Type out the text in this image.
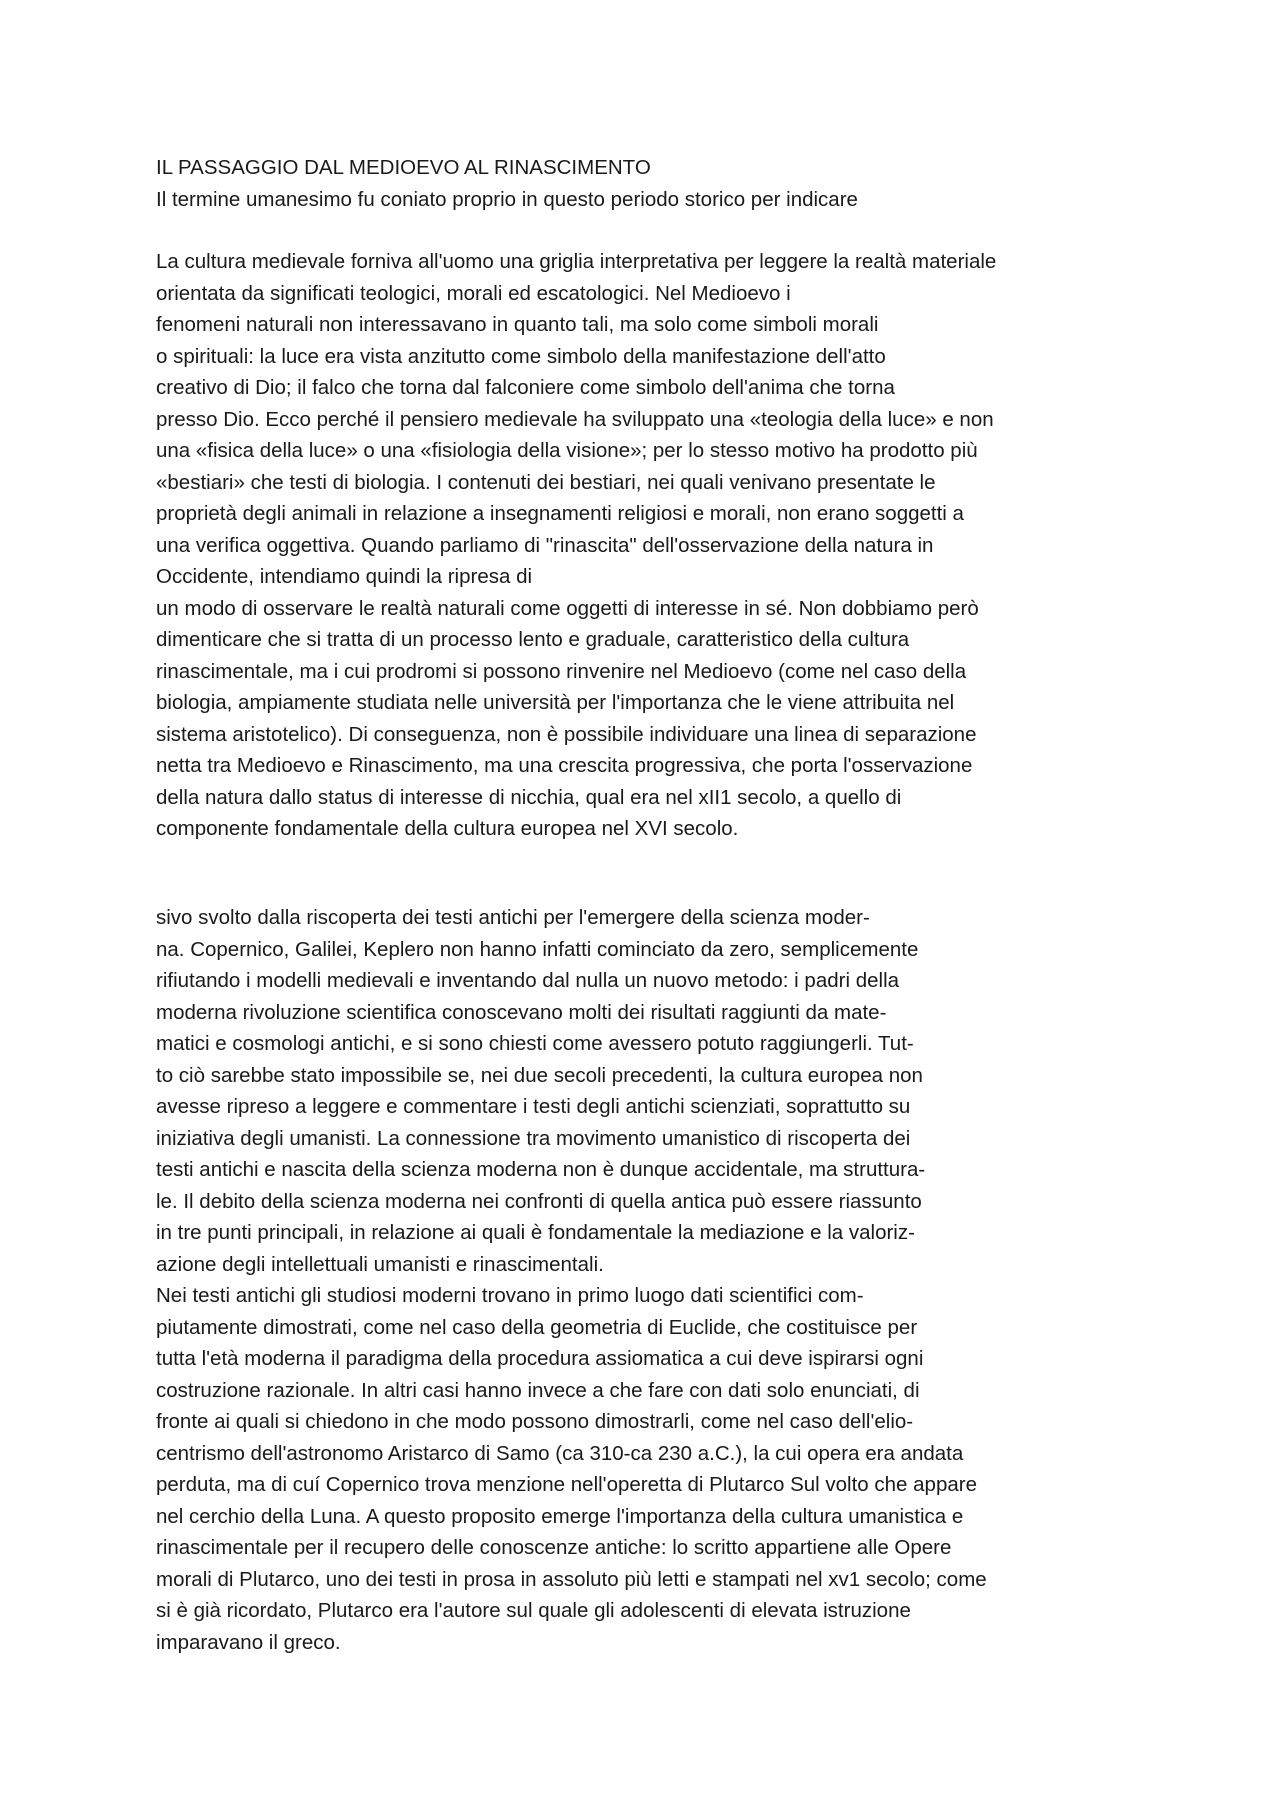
IL PASSAGGIO DAL MEDIOEVO AL RINASCIMENTO
Il termine umanesimo fu coniato proprio in questo periodo storico per indicare
La cultura medievale forniva all'uomo una griglia interpretativa per leggere la realtà materiale
orientata da significati teologici, morali ed escatologici. Nel Medioevo i
fenomeni naturali non interessavano in quanto tali, ma solo come simboli morali
o spirituali: la luce era vista anzitutto come simbolo della manifestazione dell'atto
creativo di Dio; il falco che torna dal falconiere come simbolo dell'anima che torna
presso Dio. Ecco perché il pensiero medievale ha sviluppato una «teologia della luce» e non
una «fisica della luce» o una «fisiologia della visione»; per lo stesso motivo ha prodotto più
«bestiari» che testi di biologia. I contenuti dei bestiari, nei quali venivano presentate le
proprietà degli animali in relazione a insegnamenti religiosi e morali, non erano soggetti a
una verifica oggettiva. Quando parliamo di "rinascita" dell'osservazione della natura in
Occidente, intendiamo quindi la ripresa di
un modo di osservare le realtà naturali come oggetti di interesse in sé. Non dobbiamo però
dimenticare che si tratta di un processo lento e graduale, caratteristico della cultura
rinascimentale, ma i cui prodromi si possono rinvenire nel Medioevo (come nel caso della
biologia, ampiamente studiata nelle università per l'importanza che le viene attribuita nel
sistema aristotelico). Di conseguenza, non è possibile individuare una linea di separazione
netta tra Medioevo e Rinascimento, ma una crescita progressiva, che porta l'osservazione
della natura dallo status di interesse di nicchia, qual era nel xII1 secolo, a quello di
componente fondamentale della cultura europea nel XVI secolo.
sivo svolto dalla riscoperta dei testi antichi per l'emergere della scienza moder-
na. Copernico, Galilei, Keplero non hanno infatti cominciato da zero, semplicemente
rifiutando i modelli medievali e inventando dal nulla un nuovo metodo: i padri della
moderna rivoluzione scientifica conoscevano molti dei risultati raggiunti da mate-
matici e cosmologi antichi, e si sono chiesti come avessero potuto raggiungerli. Tut-
to ciò sarebbe stato impossibile se, nei due secoli precedenti, la cultura europea non
avesse ripreso a leggere e commentare i testi degli antichi scienziati, soprattutto su
iniziativa degli umanisti. La connessione tra movimento umanistico di riscoperta dei
testi antichi e nascita della scienza moderna non è dunque accidentale, ma struttura-
le. Il debito della scienza moderna nei confronti di quella antica può essere riassunto
in tre punti principali, in relazione ai quali è fondamentale la mediazione e la valoriz-
azione degli intellettuali umanisti e rinascimentali.
Nei testi antichi gli studiosi moderni trovano in primo luogo dati scientifici com-
piutamente dimostrati, come nel caso della geometria di Euclide, che costituisce per
tutta l'età moderna il paradigma della procedura assiomatica a cui deve ispirarsi ogni
costruzione razionale. In altri casi hanno invece a che fare con dati solo enunciati, di
fronte ai quali si chiedono in che modo possono dimostrarli, come nel caso dell'elio-
centrismo dell'astronomo Aristarco di Samo (ca 310-ca 230 a.C.), la cui opera era andata
perduta, ma di cuí Copernico trova menzione nell'operetta di Plutarco Sul volto che appare
nel cerchio della Luna. A questo proposito emerge l'importanza della cultura umanistica e
rinascimentale per il recupero delle conoscenze antiche: lo scritto appartiene alle Opere
morali di Plutarco, uno dei testi in prosa in assoluto più letti e stampati nel xv1 secolo; come
si è già ricordato, Plutarco era l'autore sul quale gli adolescenti di elevata istruzione
imparavano il greco.
